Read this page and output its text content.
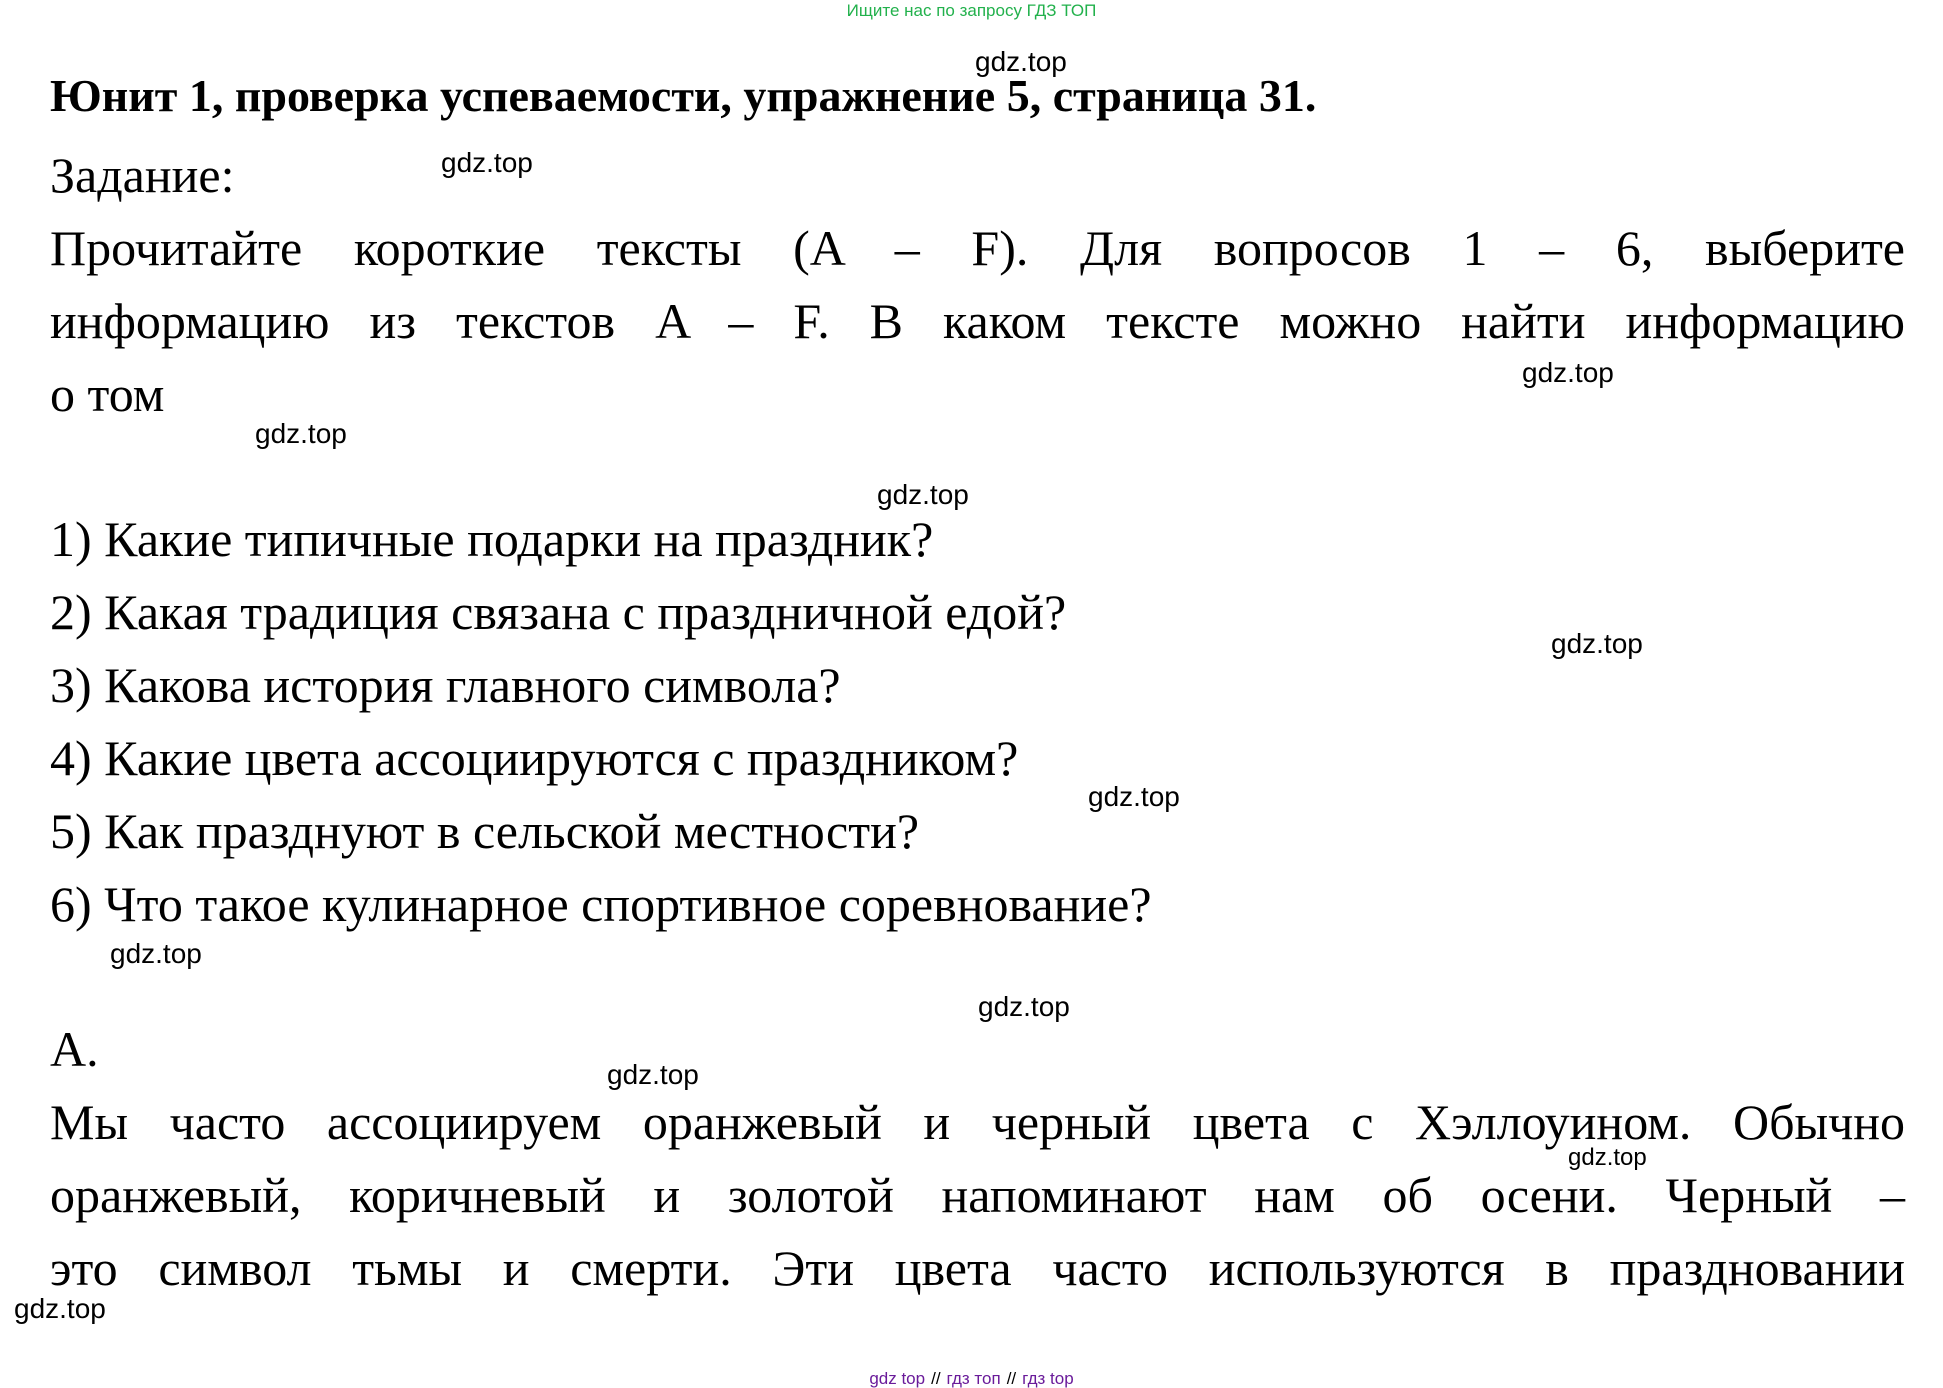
Ищите нас по запросу ГДЗ ТОП
Юнит 1, проверка успеваемости, упражнение 5, страница 31.
Задание:
Прочитайте короткие тексты (A – F). Для вопросов 1 – 6, выберите
информацию из текстов A – F. В каком тексте можно найти информацию
о том
1) Какие типичные подарки на праздник?
2) Какая традиция связана с праздничной едой?
3) Какова история главного символа?
4) Какие цвета ассоциируются с праздником?
5) Как празднуют в сельской местности?
6) Что такое кулинарное спортивное соревнование?
A.
Мы часто ассоциируем оранжевый и черный цвета с Хэллоуином. Обычно
оранжевый, коричневый и золотой напоминают нам об осени. Черный –
это символ тьмы и смерти. Эти цвета часто используются в праздновании
gdz.top
gdz.top
gdz.top
gdz.top
gdz.top
gdz.top
gdz.top
gdz.top
gdz.top
gdz.top
gdz.top
gdz.top
gdz top // гдз топ // гдз top
